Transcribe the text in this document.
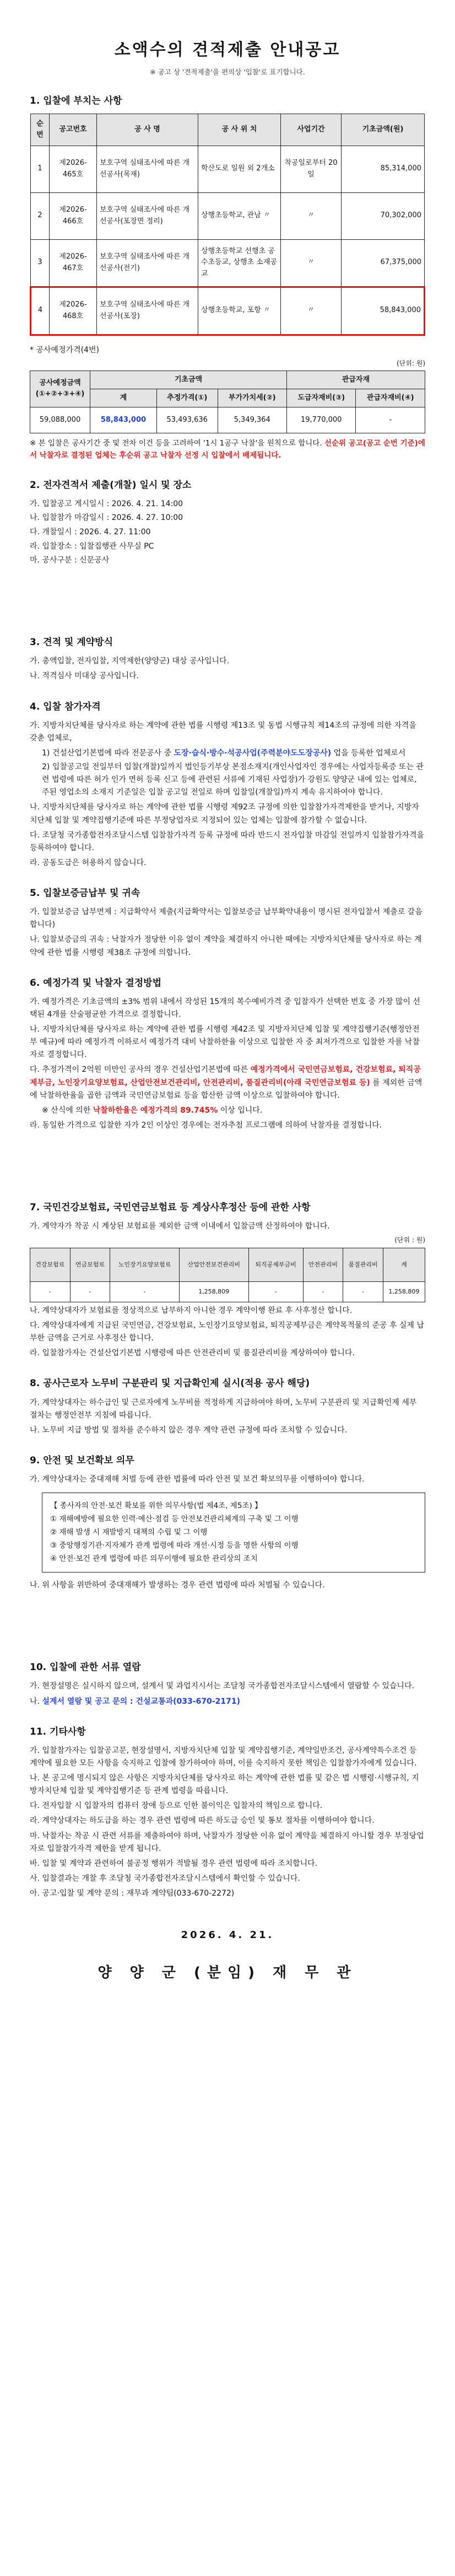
소액수의 견적제출 안내공고
※ 공고 상 '견적제출'을 편의상 '입찰'로 표기합니다.
1. 입찰에 부치는 사항
순번	공고번호	공 사 명	공 사 위 치	사업기간	기초금액(원)
1	제2026-465호	보호구역 실태조사에 따른 개선공사(목재)	학산도로 일원 외 2개소	착공일로부터 20일	85,314,000
2	제2026-466호	보호구역 실태조사에 따른 개선공사(포장면 정리)	상행초등학교, 관남 〃	〃	70,302,000
3	제2026-467호	보호구역 실태조사에 따른 개선공사(전기)	상행초등학교 선행초 공수초등교, 상행초 소재공교	〃	67,375,000
4	제2026-468호	보호구역 실태조사에 따른 개선공사(포장)	상행초등학교, 포항 〃	〃	58,843,000
* 공사예정가격(4번)
(단위: 원)
공사예정금액(①+②+③+④)	기초금액			관급자재	
	계	추정가격(①)	부가가치세(②)	도급자재비(③)	관급자재비(④)
59,088,000	58,843,000	53,493,636	5,349,364	19,770,000	-
※ 본 입찰은 공사기간 중 및 전차 이건 등을 고려하여 '1시 1공구 낙찰'을 원칙으로 합니다. 선순위 공고(공고 순번 기준)에서 낙찰자로 결정된 업체는 후순위 공고 낙찰자 선정 시 입찰에서 배제됩니다.
2. 전자견적서 제출(개찰) 일시 및 장소

가. 입찰공고 게시일시 : 2026. 4. 21. 14:00

나. 입찰참가 마감일시 : 2026. 4. 27. 10:00

다. 개찰일시 : 2026. 4. 27. 11:00

라. 입찰장소 : 입찰집행관 사무실 PC

마. 공사구분 : 신문공사

3. 견적 및 계약방식

가. 총액입찰, 전자입찰, 지역제한(양양군) 대상 공사입니다.

나. 적격심사 미대상 공사입니다.

4. 입찰 참가자격

가. 지방자치단체를 당사자로 하는 계약에 관한 법률 시행령 제13조 및 동법 시행규칙 제14조의 규정에 의한 자격을 갖춘 업체로,

1) 건설산업기본법에 따라 전문공사 중 도장·습식·방수·석공사업(주력분야도도장공사) 업을 등록한 업체로서

2) 입찰공고일 전일부터 입찰(개찰)일까지 법인등기부상 본점소재지(개인사업자인 경우에는 사업자등록증 또는 관련 법령에 따른 허가 인가 면허 등록 신고 등에 관련된 서류에 기재된 사업장)가 강원도 양양군 내에 있는 업체로, 주된 영업소의 소재지 기준일은 입찰 공고일 전일로 하며 입찰일(개찰일)까지 계속 유지하여야 합니다.

나. 지방자치단체를 당사자로 하는 계약에 관한 법률 시행령 제92조 규정에 의한 입찰참가자격제한을 받거나, 지방자치단체 입찰 및 계약집행기준에 따른 부정당업자로 지정되어 있는 업체는 입찰에 참가할 수 없습니다.

다. 조달청 국가종합전자조달시스템 입찰참가자격 등록 규정에 따라 반드시 전자입찰 마감일 전일까지 입찰참가자격을 등록하여야 합니다.

라. 공동도급은 허용하지 않습니다.

5. 입찰보증금납부 및 귀속

가. 입찰보증금 납부면제 : 지급확약서 제출(지급확약서는 입찰보증금 납부확약내용이 명시된 전자입찰서 제출로 갈음합니다)

나. 입찰보증금의 귀속 : 낙찰자가 정당한 이유 없이 계약을 체결하지 아니한 때에는 지방자치단체를 당사자로 하는 계약에 관한 법률 시행령 제38조 규정에 의합니다.

6. 예정가격 및 낙찰자 결정방법

가. 예정가격은 기초금액의 ±3% 범위 내에서 작성된 15개의 복수예비가격 중 입찰자가 선택한 번호 중 가장 많이 선택된 4개를 산술평균한 가격으로 결정합니다.

나. 지방자치단체를 당사자로 하는 계약에 관한 법률 시행령 제42조 및 지방자치단체 입찰 및 계약집행기준(행정안전부 예규)에 따라 예정가격 이하로서 예정가격 대비 낙찰하한율 이상으로 입찰한 자 중 최저가격으로 입찰한 자를 낙찰자로 결정합니다.

다. 추정가격이 2억원 미만인 공사의 경우 건설산업기본법에 따른 예정가격에서 국민연금보험료, 건강보험료, 퇴직공제부금, 노인장기요양보험료, 산업안전보건관리비, 안전관리비, 품질관리비(아래 국민연금보험료 등) 를 제외한 금액에 낙찰하한율을 곱한 금액과 국민연금보험료 등을 합산한 금액 이상으로 입찰하여야 합니다.

※ 산식에 의한 낙찰하한율은 예정가격의 89.745% 이상 입니다.

라. 동일한 가격으로 입찰한 자가 2인 이상인 경우에는 전자추첨 프로그램에 의하여 낙찰자를 결정합니다.

7. 국민건강보험료, 국민연금보험료 등 계상사후정산 등에 관한 사항

가. 계약자가 착공 시 계상된 보험료를 제외한 금액 이내에서 입찰금액 산정하여야 합니다.

(단위 : 원)
건강보험료	연금보험료	노인장기요양보험료	산업안전보건관리비	퇴직공제부금비	안전관리비	품질관리비	계
-	-	-	1,258,809	-	-	-	1,258,809

나. 계약상대자가 보험료를 정상적으로 납부하지 아니한 경우 계약이행 완료 후 사후정산 합니다.

다. 계약상대자에게 지급된 국민연금, 건강보험료, 노인장기요양보험료, 퇴직공제부금은 계약목적물의 준공 후 실제 납부한 금액을 근거로 사후정산 합니다.

라. 입찰참가자는 건설산업기본법 시행령에 따른 안전관리비 및 품질관리비를 계상하여야 합니다.

8. 공사근로자 노무비 구분관리 및 지급확인제 실시(적용 공사 해당)

가. 계약상대자는 하수급인 및 근로자에게 노무비를 적정하게 지급하여야 하며, 노무비 구분관리 및 지급확인제 세부 절차는 행정안전부 지침에 따릅니다.

나. 노무비 지급 방법 및 절차를 준수하지 않은 경우 계약 관련 규정에 따라 조치할 수 있습니다.

9. 안전 및 보건확보 의무

가. 계약상대자는 중대재해 처벌 등에 관한 법률에 따라 안전 및 보건 확보의무를 이행하여야 합니다.

【 종사자의 안전·보건 확보를 위한 의무사항(법 제4조, 제5조) 】

① 재해예방에 필요한 인력·예산·점검 등 안전보건관리체계의 구축 및 그 이행

② 재해 발생 시 재발방지 대책의 수립 및 그 이행

③ 중앙행정기관·지자체가 관계 법령에 따라 개선·시정 등을 명한 사항의 이행

④ 안전·보건 관계 법령에 따른 의무이행에 필요한 관리상의 조치

나. 위 사항을 위반하여 중대재해가 발생하는 경우 관련 법령에 따라 처벌될 수 있습니다.

10. 입찰에 관한 서류 열람

가. 현장설명은 실시하지 않으며, 설계서 및 과업지시서는 조달청 국가종합전자조달시스템에서 열람할 수 있습니다.

나. 설계서 열람 및 공고 문의 : 건설교통과(033-670-2171)

11. 기타사항

가. 입찰참가자는 입찰공고문, 현장설명서, 지방자치단체 입찰 및 계약집행기준, 계약일반조건, 공사계약특수조건 등 계약에 필요한 모든 사항을 숙지하고 입찰에 참가하여야 하며, 이를 숙지하지 못한 책임은 입찰참가자에게 있습니다.

나. 본 공고에 명시되지 않은 사항은 지방자치단체를 당사자로 하는 계약에 관한 법률 및 같은 법 시행령·시행규칙, 지방자치단체 입찰 및 계약집행기준 등 관계 법령을 따릅니다.

다. 전자입찰 시 입찰자의 컴퓨터 장애 등으로 인한 불이익은 입찰자의 책임으로 합니다.

라. 계약상대자는 하도급을 하는 경우 관련 법령에 따른 하도급 승인 및 통보 절차를 이행하여야 합니다.

마. 낙찰자는 착공 시 관련 서류를 제출하여야 하며, 낙찰자가 정당한 이유 없이 계약을 체결하지 아니할 경우 부정당업자로 입찰참가자격 제한을 받게 됩니다.

바. 입찰 및 계약과 관련하여 불공정 행위가 적발될 경우 관련 법령에 따라 조치합니다.

사. 입찰결과는 개찰 후 조달청 국가종합전자조달시스템에서 확인할 수 있습니다.

아. 공고·입찰 및 계약 문의 : 재무과 계약팀(033-670-2272)

2026. 4. 21.
양 양 군 (분임) 재 무 관
